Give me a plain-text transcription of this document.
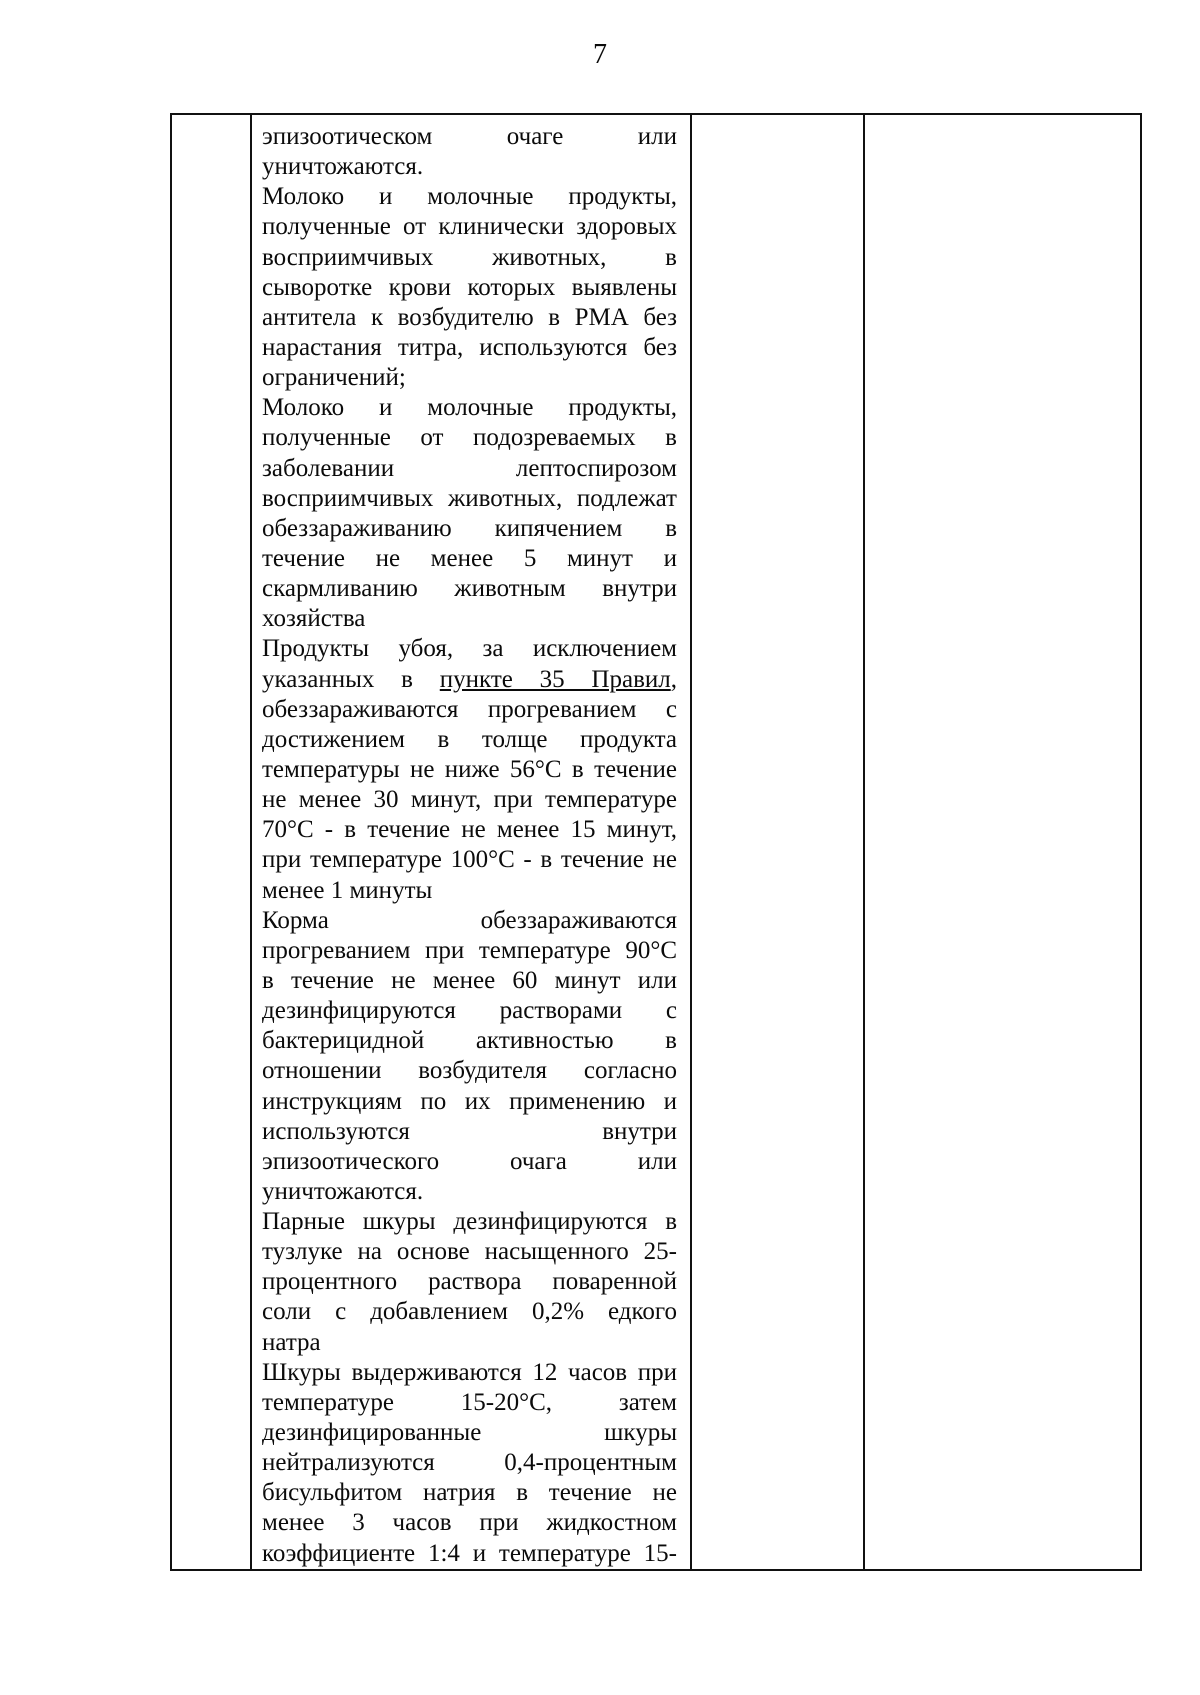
7

эпизоотическом очаге или
уничтожаются.
Молоко и молочные продукты,
полученные от клинически здоровых
восприимчивых животных, в
сыворотке крови которых выявлены
антитела к возбудителю в РМА без
нарастания титра, используются без
ограничений;
Молоко и молочные продукты,
полученные от подозреваемых в
заболевании лептоспирозом
восприимчивых животных, подлежат
обеззараживанию кипячением в
течение не менее 5 минут и
скармливанию животным внутри
хозяйства
Продукты убоя, за исключением
указанных в пункте 35 Правил,
обеззараживаются прогреванием с
достижением в толще продукта
температуры не ниже 56°C в течение
не менее 30 минут, при температуре
70°C - в течение не менее 15 минут,
при температуре 100°C - в течение не
менее 1 минуты
Корма обеззараживаются
прогреванием при температуре 90°C
в течение не менее 60 минут или
дезинфицируются растворами с
бактерицидной активностью в
отношении возбудителя согласно
инструкциям по их применению и
используются внутри
эпизоотического очага или
уничтожаются.
Парные шкуры дезинфицируются в
тузлуке на основе насыщенного 25-
процентного раствора поваренной
соли с добавлением 0,2% едкого
натра
Шкуры выдерживаются 12 часов при
температуре 15-20°C, затем
дезинфицированные шкуры
нейтрализуются 0,4-процентным
бисульфитом натрия в течение не
менее 3 часов при жидкостном
коэффициенте 1:4 и температуре 15-
